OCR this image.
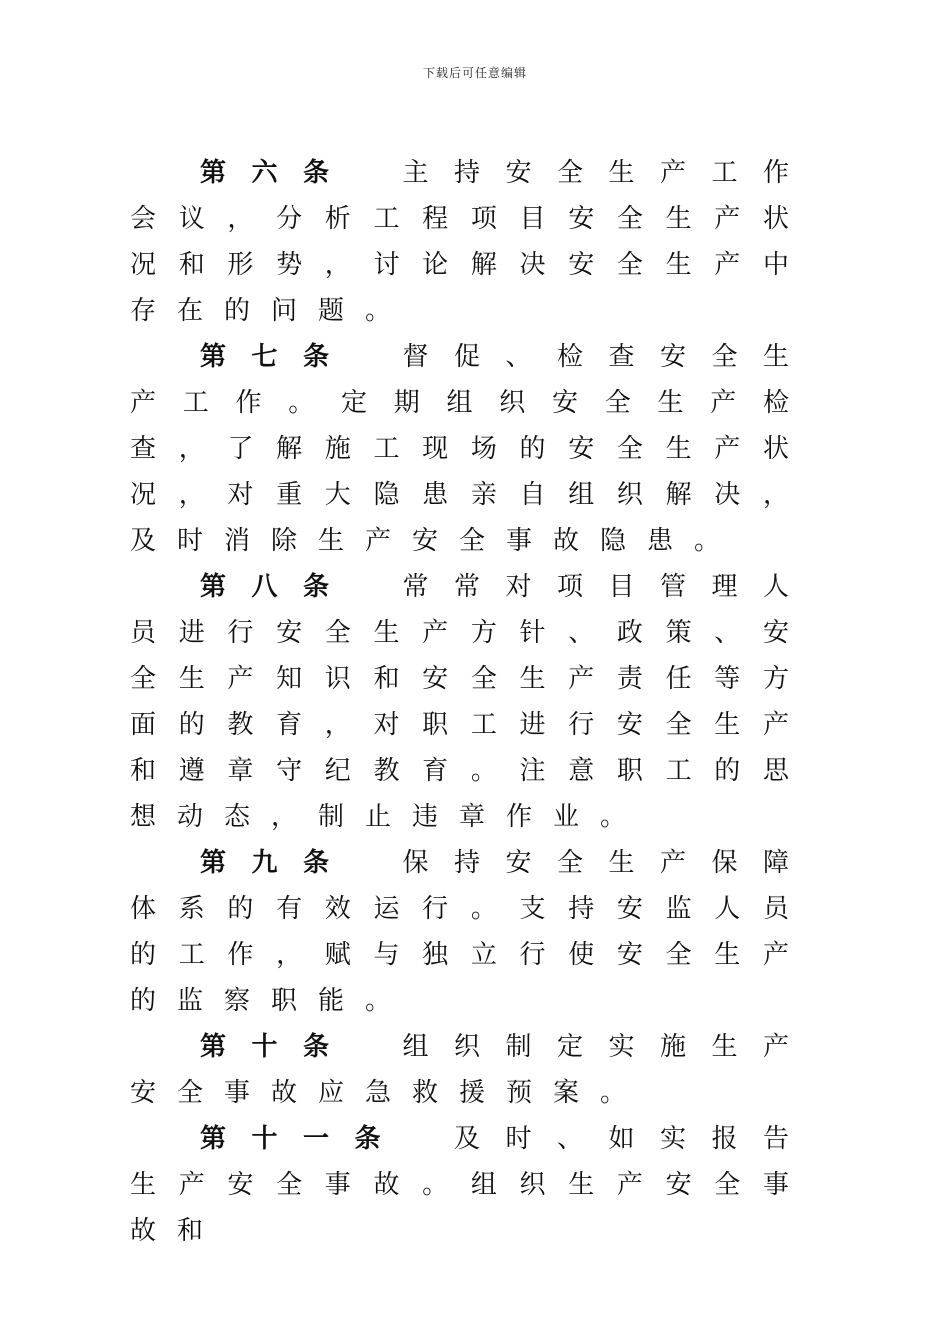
下载后可任意编辑

第六条 主持安全生产工作会议，分析工程项目安全生产状况和形势，讨论解决安全生产中存在的问题。

第七条 督促、检查安全生产工作。定期组织安全生产检查，了解施工现场的安全生产状况，对重大隐患亲自组织解决，及时消除生产安全事故隐患。

第八条 常常对项目管理人员进行安全生产方针、政策、安全生产知识和安全生产责任等方面的教育，对职工进行安全生产和遵章守纪教育。注意职工的思想动态，制止违章作业。

第九条 保持安全生产保障体系的有效运行。支持安监人员的工作，赋与独立行使安全生产的监察职能。

第十条 组织制定实施生产安全事故应急救援预案。

第十一条 及时、如实报告生产安全事故。组织生产安全事故和
